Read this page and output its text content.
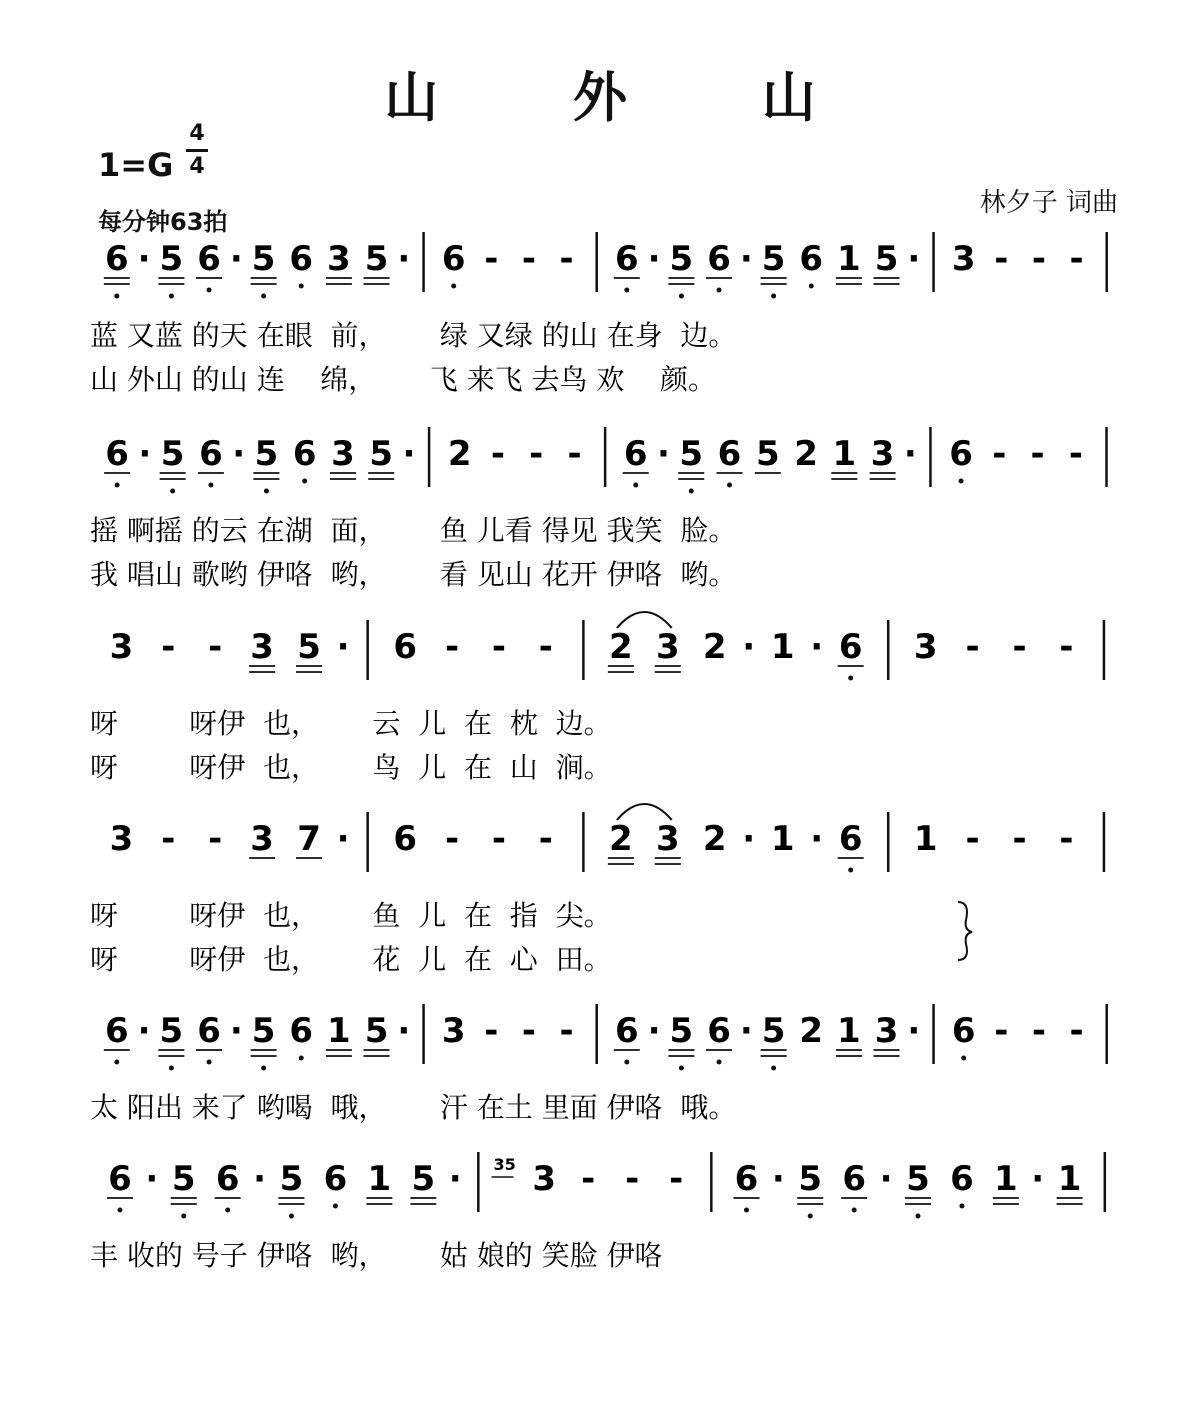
山 外 山
1=G
4
4
每分钟63拍
林夕子 词曲
6 · 5 6 · 5 6 3 5 · 6 - - - 6 · 5 6 · 5 6 1 5 · 3 - - -
蓝 又蓝 的天 在眼  前，      绿 又绿 的山 在身  边。
山 外山 的山 连    绵，      飞 来飞 去鸟 欢    颜。
6 · 5 6 · 5 6 3 5 · 2 - - - 6 · 5 6 5 2 1 3 · 6 - - -
摇 啊摇 的云 在湖  面，      鱼 儿看 得见 我笑  脸。
我 唱山 歌哟 伊咯  哟，      看 见山 花开 伊咯  哟。
3 - - 3 5 · 6 - - - 2 3 2 · 1 · 6 3 - - -
呀        呀伊  也，      云  儿  在  枕  边。
呀        呀伊  也，      鸟  儿  在  山  涧。
3 - - 3 7 · 6 - - - 2 3 2 · 1 · 6 1 - - -
呀        呀伊  也，      鱼  儿  在  指  尖。
呀        呀伊  也，      花  儿  在  心  田。
6 · 5 6 · 5 6 1 5 · 3 - - - 6 · 5 6 · 5 2 1 3 · 6 - - -
太 阳出 来了 哟喝  哦，      汗 在土 里面 伊咯  哦。
6 · 5 6 · 5 6 1 5 · 35 3 - - - 6 · 5 6 · 5 6 1 · 1
丰 收的 号子 伊咯  哟，      姑 娘的 笑脸 伊咯
